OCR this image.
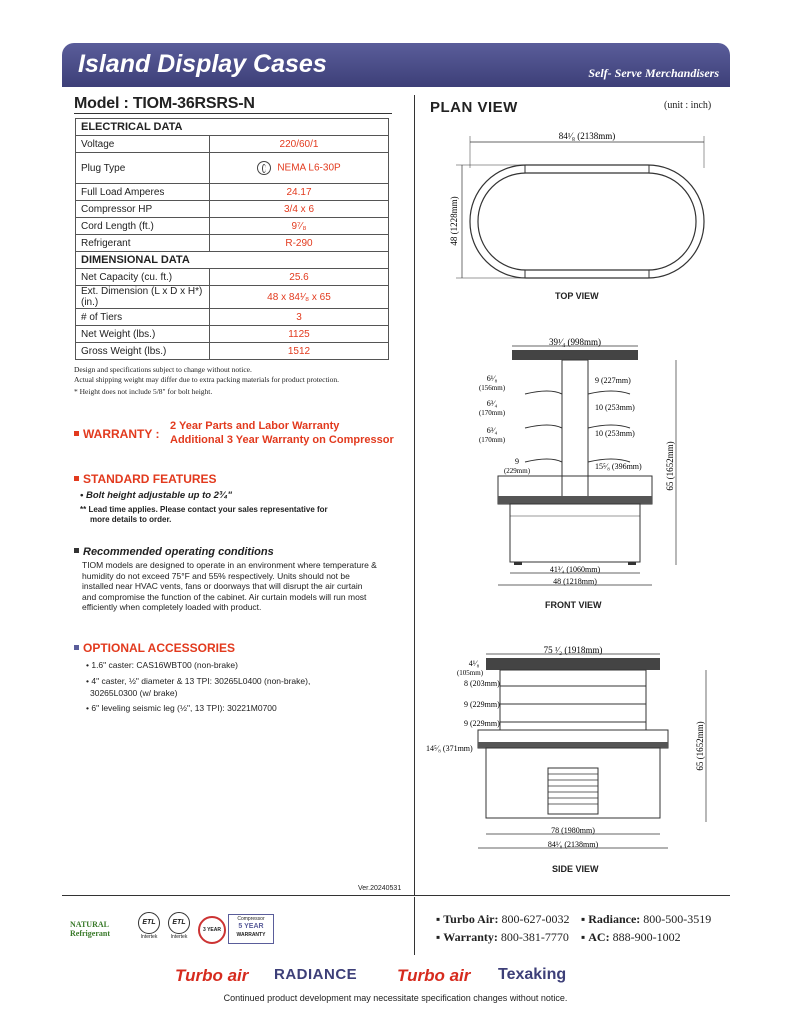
Island Display Cases	Self- Serve Merchandisers
Model : TIOM-36RSRS-N
ELECTRICAL DATA	
Voltage	220/60/1
Plug Type	NEMA L6-30P
Full Load Amperes	24.17
Compressor HP	3/4 x 6
Cord Length (ft.)	9⁷⁄₈
Refrigerant	R-290
DIMENSIONAL DATA	
Net Capacity (cu. ft.)	25.6
Ext. Dimension (L x D x H*) (in.)	48 x 84¹⁄₈ x 65
# of Tiers	3
Net Weight (lbs.)	1125
Gross Weight (lbs.)	1512
Design and specifications subject to change without notice.
Actual shipping weight may differ due to extra packing materials for product protection.
* Height does not include 5/8" for bolt height.
WARRANTY :
2 Year Parts and Labor Warranty
Additional 3 Year Warranty on Compressor
STANDARD FEATURES
• Bolt height adjustable up to 2³⁄₄"
** Lead time applies. Please contact your sales representative for
more details to order.
Recommended operating conditions
TIOM models are designed to operate in an environment where temperature &
humidity do not exceed 75°F and 55% respectively. Units should not be
installed near HVAC vents, fans or doorways that will disrupt the air curtain
and compromise the function of the cabinet. Air curtain models will run most
efficiently when completely loaded with product.
OPTIONAL ACCESSORIES
• 1.6" caster: CAS16WBT00 (non-brake)
• 4" caster, ½" diameter & 13 TPI: 30265L0400 (non-brake),
30265L0300 (w/ brake)
• 6" leveling seismic leg (½", 13 TPI): 30221M0700
PLAN VIEW	(unit : inch)
84¹⁄₈ (2138mm)
48 (1228mm)
TOP VIEW
39¹⁄₄ (998mm)
65 (1652mm)
6¹⁄₈
(156mm)
6³⁄₄
(170mm)
6³⁄₄
(170mm)
9
(229mm)
9 (227mm)
10 (253mm)
10 (253mm)
15⁵⁄₈ (396mm)
41³⁄₄ (1060mm)
48 (1218mm)
FRONT VIEW
75 ¹⁄₂ (1918mm)
65 (1652mm)
4¹⁄₈
(105mm)
8 (203mm)
9 (229mm)
9 (229mm)
14⁵⁄₈ (371mm)
78 (1980mm)
84¹⁄₈ (2138mm)
SIDE VIEW
Ver.20240531
NATURAL
Refrigerant
ETL
Intertek
ETL
Intertek
3 YEAR
Compressor
5 YEAR
WARRANTY
▪ Turbo Air: 800-627-0032 ▪ Radiance: 800-500-3519
▪ Warranty: 800-381-7770 ▪ AC: 888-900-1002
Turbo air RADIANCE Turbo air Texaking
Continued product development may necessitate specification changes without notice.
